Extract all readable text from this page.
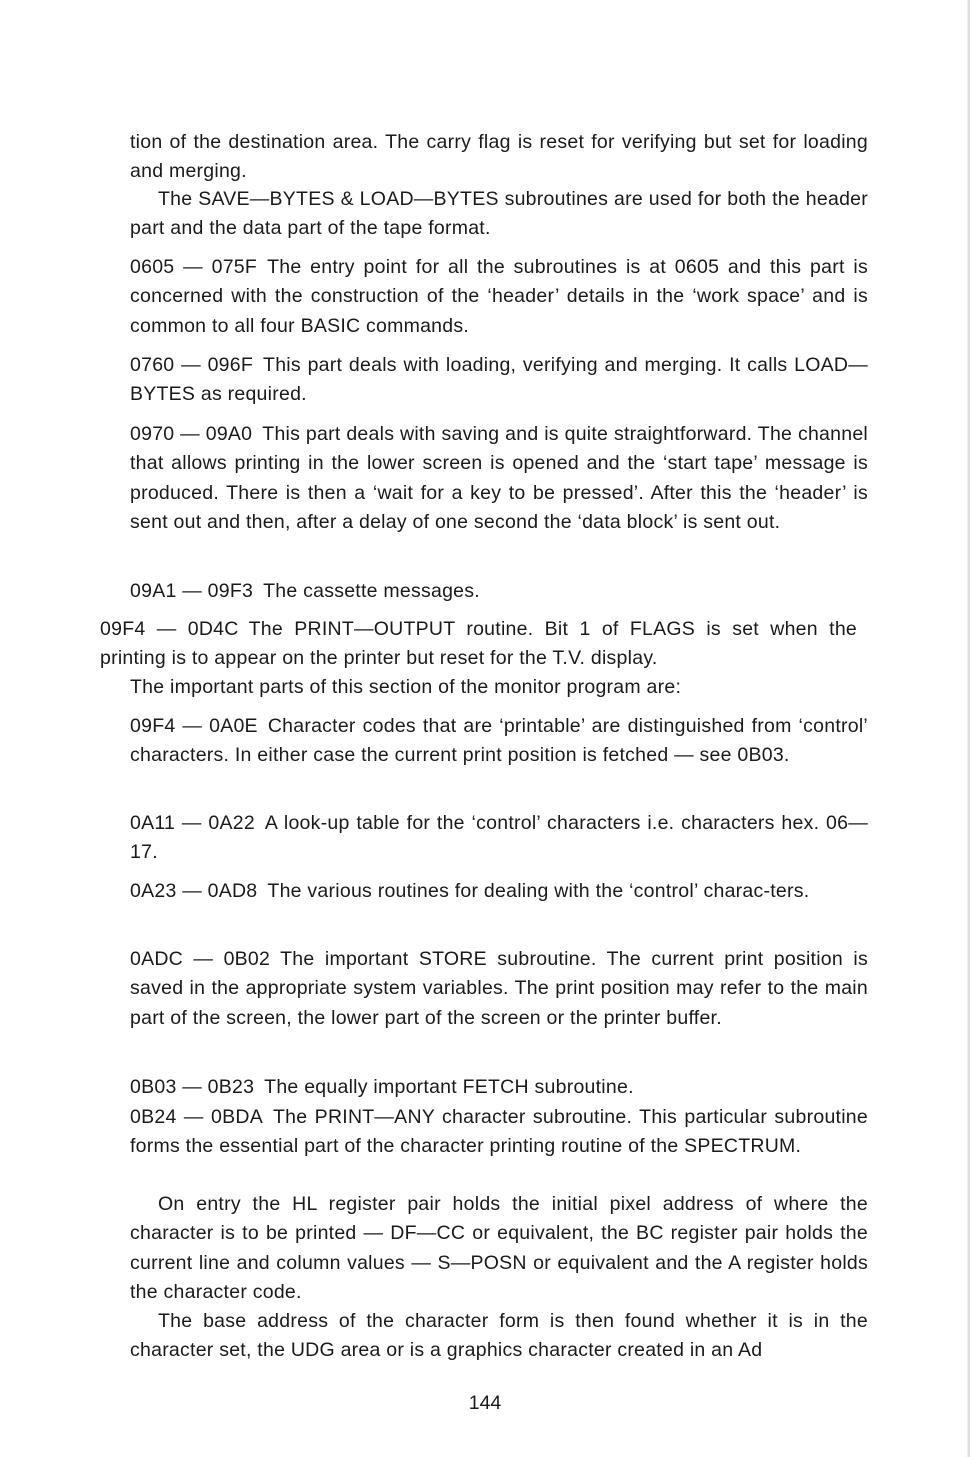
tion of the destination area. The carry flag is reset for verifying but set for loading and merging.

The SAVE—BYTES & LOAD—BYTES subroutines are used for both the header part and the data part of the tape format.

0605 — 075F The entry point for all the subroutines is at 0605 and this part is concerned with the construction of the ‘header’ details in the ‘work space’ and is common to all four BASIC commands.

0760 — 096F This part deals with loading, verifying and merging. It calls LOAD—BYTES as required.

0970 — 09A0 This part deals with saving and is quite straightforward. The channel that allows printing in the lower screen is opened and the ‘start tape’ message is produced. There is then a ‘wait for a key to be pressed’. After this the ‘header’ is sent out and then, after a delay of one second the ‘data block’ is sent out.

09A1 — 09F3 The cassette messages.

09F4 — 0D4C The PRINT—OUTPUT routine. Bit 1 of FLAGS is set when the printing is to appear on the printer but reset for the T.V. display.

The important parts of this section of the monitor program are:

09F4 — 0A0E Character codes that are ‘printable’ are distinguished from ‘control’ characters. In either case the current print position is fetched — see 0B03.

0A11 — 0A22 A look-up table for the ‘control’ characters i.e. characters hex. 06—17.

0A23 — 0AD8 The various routines for dealing with the ‘control’ charac-ters.

0ADC — 0B02 The important STORE subroutine. The current print position is saved in the appropriate system variables. The print position may refer to the main part of the screen, the lower part of the screen or the printer buffer.

0B03 — 0B23 The equally important FETCH subroutine.

0B24 — 0BDA The PRINT—ANY character subroutine. This particular subroutine forms the essential part of the character printing routine of the SPECTRUM.

On entry the HL register pair holds the initial pixel address of where the character is to be printed — DF—CC or equivalent, the BC register pair holds the current line and column values — S—POSN or equivalent and the A register holds the character code.

The base address of the character form is then found whether it is in the character set, the UDG area or is a graphics character created in an Ad

144
